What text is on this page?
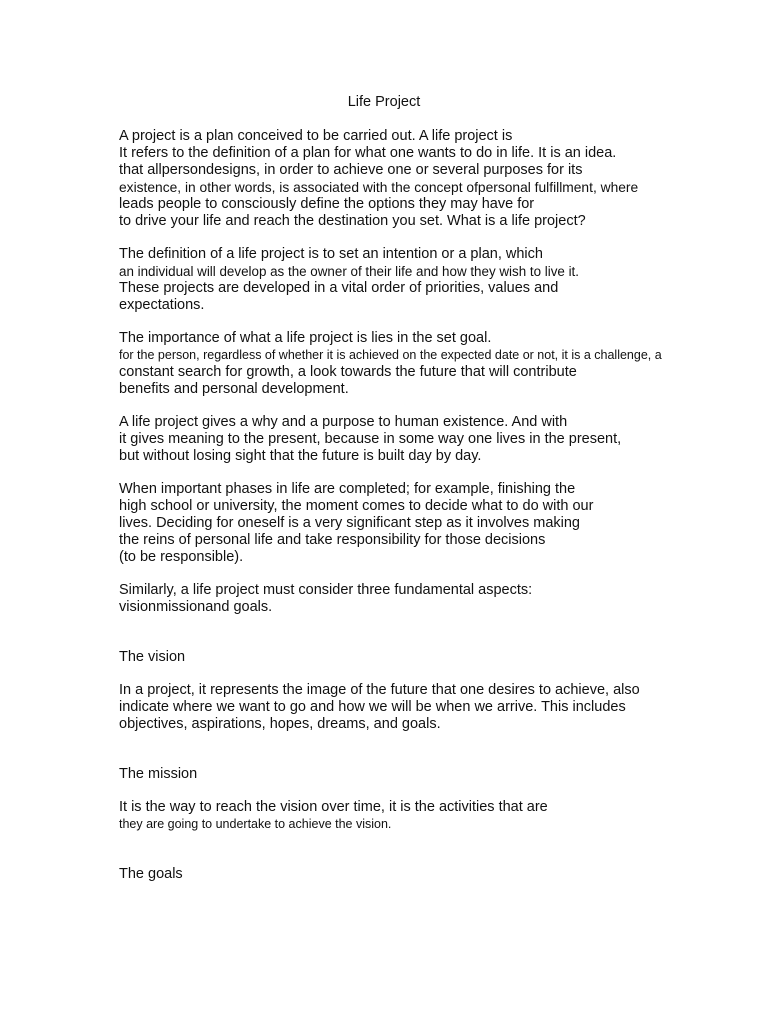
Life Project

A project is a plan conceived to be carried out. A life project is
It refers to the definition of a plan for what one wants to do in life. It is an idea.
that allpersondesigns, in order to achieve one or several purposes for its
existence, in other words, is associated with the concept ofpersonal fulfillment, where
leads people to consciously define the options they may have for
to drive your life and reach the destination you set. What is a life project?

The definition of a life project is to set an intention or a plan, which
an individual will develop as the owner of their life and how they wish to live it.
These projects are developed in a vital order of priorities, values and
expectations.

The importance of what a life project is lies in the set goal.
for the person, regardless of whether it is achieved on the expected date or not, it is a challenge, a
constant search for growth, a look towards the future that will contribute
benefits and personal development.

A life project gives a why and a purpose to human existence. And with
it gives meaning to the present, because in some way one lives in the present,
but without losing sight that the future is built day by day.

When important phases in life are completed; for example, finishing the
high school or university, the moment comes to decide what to do with our
lives. Deciding for oneself is a very significant step as it involves making
the reins of personal life and take responsibility for those decisions
(to be responsible).

Similarly, a life project must consider three fundamental aspects:
visionmissionand goals.

The vision

In a project, it represents the image of the future that one desires to achieve, also
indicate where we want to go and how we will be when we arrive. This includes
objectives, aspirations, hopes, dreams, and goals.

The mission

It is the way to reach the vision over time, it is the activities that are
they are going to undertake to achieve the vision.

The goals
